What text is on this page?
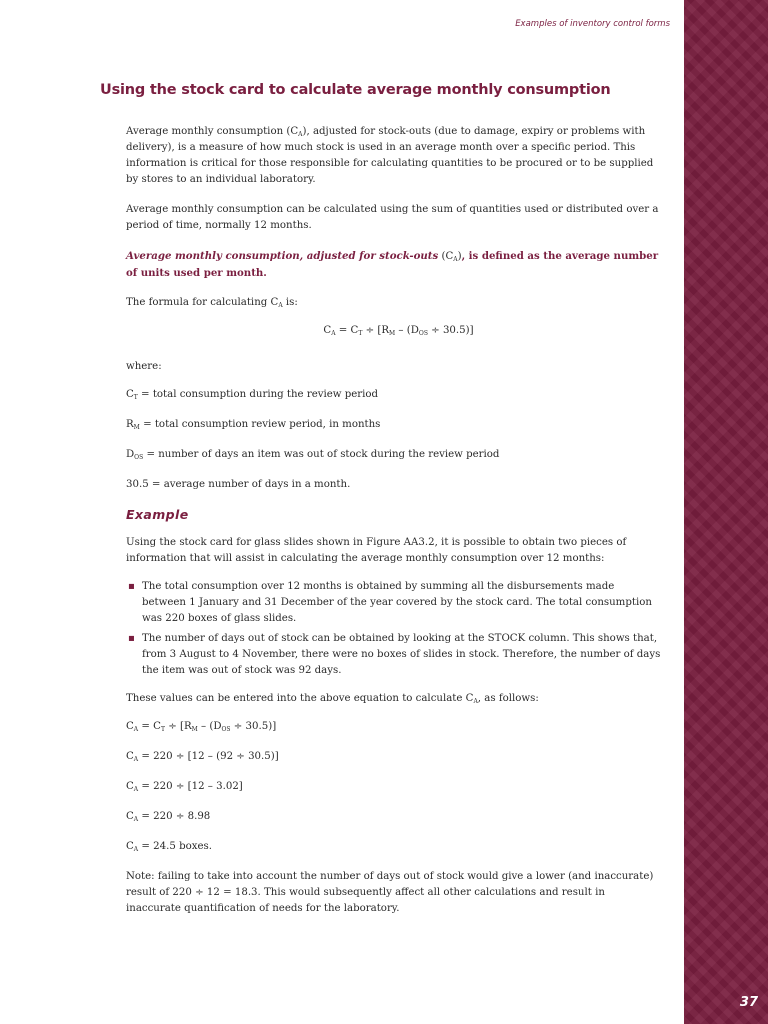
37
Examples of inventory control forms
Using the stock card to calculate average monthly consumption

Average monthly consumption $(C_A)$, adjusted for stock-outs (due to damage, expiry or problems with delivery), is a measure of how much stock is used in an average month over a specific period. This information is critical for those responsible for calculating quantities to be procured or to be supplied by stores to an individual laboratory.

Average monthly consumption can be calculated using the sum of quantities used or distributed over a period of time, normally 12 months.

Average monthly consumption, adjusted for stock-outs $(C_A)$, is defined as the average number of units used per month.

The formula for calculating $C_A$ is:

$C_A = C_T \div [R_M - (D_{OS} \div 30.5)]$

where:

$C_T$ = total consumption during the review period

$R_M$ = total consumption review period, in months

$D_{OS}$ = number of days an item was out of stock during the review period

30.5 = average number of days in a month.

Example

Using the stock card for glass slides shown in Figure AA3.2, it is possible to obtain two pieces of information that will assist in calculating the average monthly consumption over 12 months:

▪ The total consumption over 12 months is obtained by summing all the disbursements made between 1 January and 31 December of the year covered by the stock card. The total consumption was 220 boxes of glass slides.
▪ The number of days out of stock can be obtained by looking at the STOCK column. This shows that, from 3 August to 4 November, there were no boxes of slides in stock. Therefore, the number of days the item was out of stock was 92 days.

These values can be entered into the above equation to calculate $C_A$, as follows:

$C_A = C_T \div [R_M - (D_{OS} \div 30.5)]$

$C_A = 220 \div [12 - (92 \div 30.5)]$

$C_A = 220 \div [12 - 3.02]$

$C_A = 220 \div 8.98$

$C_A = 24.5$ boxes.

Note: failing to take into account the number of days out of stock would give a lower (and inaccurate) result of 220 ÷ 12 = 18.3. This would subsequently affect all other calculations and result in inaccurate quantification of needs for the laboratory.
